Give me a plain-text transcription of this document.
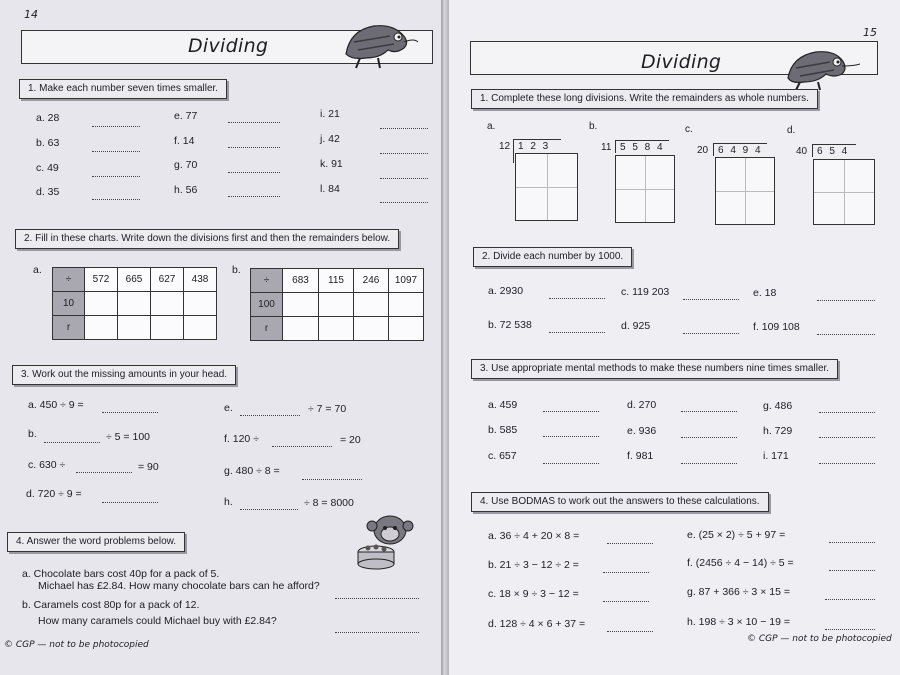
14
Dividing
1. Make each number seven times smaller.
a. 28	e. 77	i. 21
b. 63	f. 14	j. 42
c. 49	g. 70	k. 91
d. 35	h. 56	l. 84
2. Fill in these charts. Write down the divisions first and then the remainders below.
a.
÷	572	665	627	438
10				
r				
b.
÷	683	115	246	1097
100				
r				
3. Work out the missing amounts in your head.
a. 450 ÷ 9 =
b.	÷ 5 = 100
c. 630 ÷	= 90
d. 720 ÷ 9 =
e.	÷ 7 = 70
f. 120 ÷	= 20
g. 480 ÷ 8 =
h.	÷ 8 = 8000
4. Answer the word problems below.
a. Chocolate bars cost 40p for a pack of 5.
Michael has £2.84. How many chocolate bars can he afford?
b. Caramels cost 80p for a pack of 12.
How many caramels could Michael buy with £2.84?
© CGP — not to be photocopied
15
Dividing
1. Complete these long divisions. Write the remainders as whole numbers.
a.
12 1 2 3
b.
11 5 5 8 4
c.
20 6 4 9 4
d.
40 6 5 4
2. Divide each number by 1000.
a. 2930	c. 119 203	e. 18
b. 72 538	d. 925	f. 109 108
3. Use appropriate mental methods to make these numbers nine times smaller.
a. 459	d. 270	g. 486
b. 585	e. 936	h. 729
c. 657	f. 981	i. 171
4. Use BODMAS to work out the answers to these calculations.
a. 36 ÷ 4 + 20 × 8 =	e. (25 × 2) ÷ 5 + 97 =
b. 21 ÷ 3 − 12 ÷ 2 =	f. (2456 ÷ 4 − 14) ÷ 5 =
c. 18 × 9 ÷ 3 − 12 =	g. 87 + 366 ÷ 3 × 15 =
d. 128 ÷ 4 × 6 + 37 =	h. 198 ÷ 3 × 10 − 19 =
© CGP — not to be photocopied
